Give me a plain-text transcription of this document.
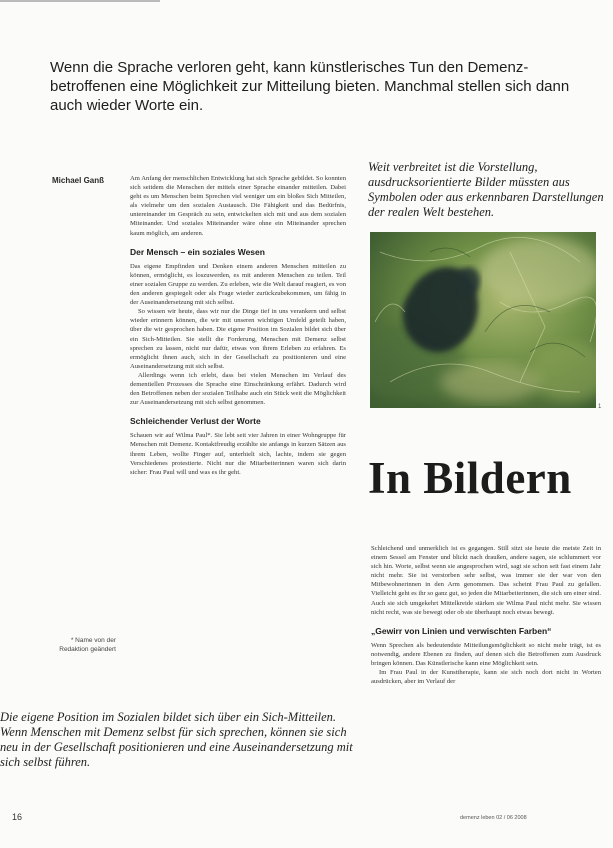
Wenn die Sprache verloren geht, kann künstlerisches Tun den Demenz-betroffenen eine Möglichkeit zur Mitteilung bieten. Manchmal stellen sich dann auch wieder Worte ein.
Michael Ganß
* Name von der Redaktion geändert

Am Anfang der menschlichen Entwicklung hat sich Sprache gebildet. So konnten sich seitdem die Menschen der mittels einer Sprache einander mitteilen. Dabei geht es um Menschen beim Sprechen viel weniger um ein bloßes Sich Mitteilen, als vielmehr um den sozialen Austausch. Die Fähigkeit und das Bedürfnis, untereinander im Gespräch zu sein, entwickelten sich mit und aus dem sozialen Miteinander. Und soziales Miteinander wäre ohne ein Miteinander sprechen kaum möglich, am anderen.

Der Mensch – ein soziales Wesen

Das eigene Empfinden und Denken einem anderen Menschen mitteilen zu können, ermöglicht, es loszuwerden, es mit anderen Menschen zu teilen. Teil einer sozialen Gruppe zu werden. Zu erleben, wie die Welt darauf reagiert, es von den anderen gespiegelt oder als Frage wieder zurückzubekommen, um fähig in der Auseinandersetzung mit sich selbst.

So wissen wir heute, dass wir nur die Dinge tief in uns verankern und selbst wieder erinnern können, die wir mit unseren wichtigen Umfeld geteilt haben, über die wir gesprochen haben. Die eigene Position im Sozialen bildet sich über ein Sich-Mitteilen. Sie stellt die Forderung, Menschen mit Demenz selbst sprechen zu lassen, nicht nur dafür, etwas von ihrem Erleben zu erfahren. Es ermöglicht ihnen auch, sich in der Gesellschaft zu positionieren und eine Auseinandersetzung mit sich selbst.

Allerdings wenn ich erlebt, dass bei vielen Menschen im Verlauf des dementiellen Prozesses die Sprache eine Einschränkung erfährt. Dadurch wird den Betroffenen neben der sozialen Teilhabe auch ein Stück weit die Möglichkeit zur Auseinandersetzung mit sich selbst genommen.

Schleichender Verlust der Worte

Schauen wir auf Wilma Paul*. Sie lebt seit vier Jahren in einer Wohngruppe für Menschen mit Demenz. Kontaktfreudig erzählte sie anfangs in kurzen Sätzen aus ihrem Leben, wollte Finger auf, unterhielt sich, lachte, indem sie gegen Verschiedenes protestierte. Nicht nur die Mitarbeiterinnen waren sich darin sicher: Frau Paul will und was es ihr geht.

Weit verbreitet ist die Vorstellung, ausdrucksorientierte Bilder müssten aus Symbolen oder aus erkennbaren Darstellungen der realen Welt bestehen.
1
In Bildern

Schleichend und unmerklich ist es gegangen. Still sitzt sie heute die meiste Zeit in einem Sessel am Fenster und blickt nach draußen, andere sagen, sie schlummert vor sich hin. Worte, selbst wenn sie angesprochen wird, sagt sie schon seit fast einem Jahr nicht mehr. Sie ist verstorben sehr selbst, was immer sie der war von den Mitbewohnerinnen in den Arm genommen. Das scheint Frau Paul zu gefallen. Vielleicht geht es ihr so ganz gut, so jeden die Mitarbeiterinnen, die sich um einer sind. Auch sie sich umgekehrt Mittelkreide stärken sie Wilma Paul nicht mehr. Sie wissen nicht recht, was sie bewegt oder ob sie überhaupt noch etwas bewegt.

„Gewirr von Linien und verwischten Farben“

Wenn Sprechen als bedeutendste Mitteilungsmöglichkeit so nicht mehr trägt, ist es notwendig, andere Ebenen zu finden, auf denen sich die Betroffenen zum Ausdruck bringen können. Das Künstlerische kann eine Möglichkeit sein.

Im Frau Paul in der Kunsttherapie, kann sie sich noch dort nicht in Worten ausdrücken, aber im Verlauf der

Die eigene Position im Sozialen bildet sich über ein Sich-Mitteilen. Wenn Menschen mit Demenz selbst für sich sprechen, können sie sich neu in der Gesellschaft positionieren und eine Auseinandersetzung mit sich selbst führen.
16	demenz leben 02 / 06 2008
